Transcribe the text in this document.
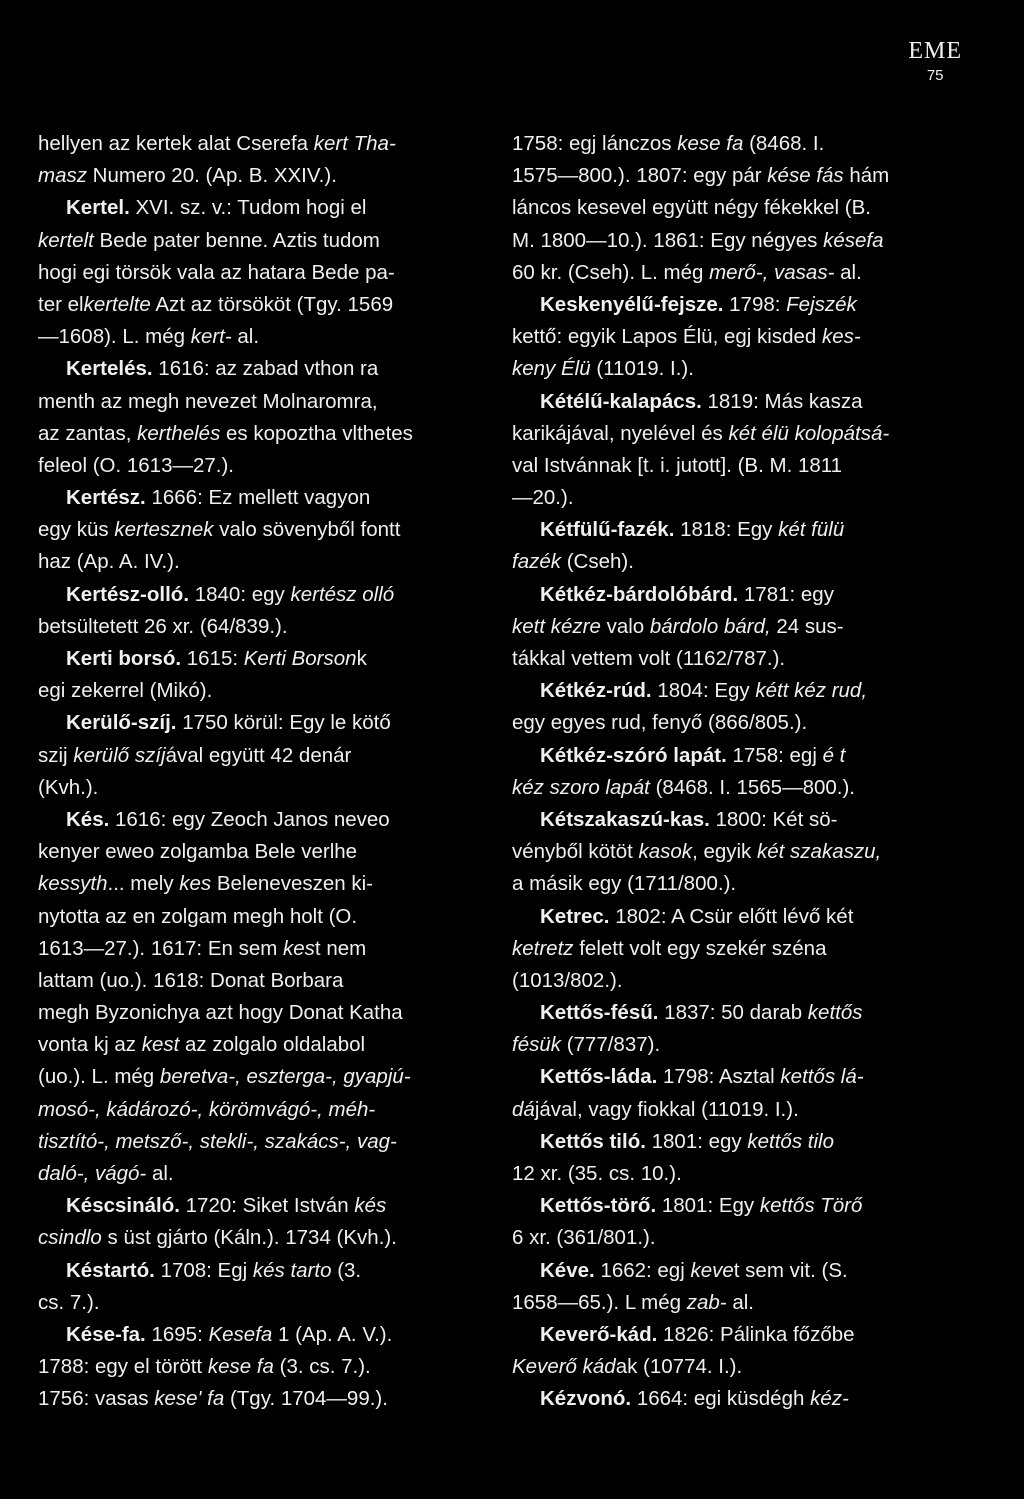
EME
75
hellyen az kertek alat Cserefa kert Tha-
masz Numero 20. (Ap. B. XXIV.).
Kertel. XVI. sz. v.: Tudom hogi el
kertelt Bede pater benne. Aztis tudom
hogi egi törsök vala az hatara Bede pa-
ter elkertelte Azt az törsököt (Tgy. 1569
—1608). L. még kert- al.
Kertelés. 1616: az zabad vthon ra
menth az megh nevezet Molnaromra,
az zantas, kerthelés es kopoztha vlthetes
feleol (O. 1613—27.).
Kertész. 1666: Ez mellett vagyon
egy küs kertesznek valo sövenyből fontt
haz (Ap. A. IV.).
Kertész-olló. 1840: egy kertész olló
betsültetett 26 xr. (64/839.).
Kerti borsó. 1615: Kerti Borsonk
egi zekerrel (Mikó).
Kerülő-szíj. 1750 körül: Egy le kötő
szij kerülő szíjával együtt 42 denár
(Kvh.).
Kés. 1616: egy Zeoch Janos neveo
kenyer eweo zolgamba Bele verlhe
kessyth... mely kes Beleneveszen ki-
nytotta az en zolgam megh holt (O.
1613—27.). 1617: En sem kest nem
lattam (uo.). 1618: Donat Borbara
megh Byzonichya azt hogy Donat Katha
vonta kj az kest az zolgalo oldalabol
(uo.). L. még beretva-, eszterga-, gyapjú-
mosó-, kádározó-, körömvágó-, méh-
tisztító-, metsző-, stekli-, szakács-, vag-
daló-, vágó- al.
Késcsináló. 1720: Siket István kés
csindlo s üst gjárto (Káln.). 1734 (Kvh.).
Késtartó. 1708: Egj kés tarto (3.
cs. 7.).
Kése-fa. 1695: Kesefa 1 (Ap. A. V.).
1788: egy el törött kese fa (3. cs. 7.).
1756: vasas kese' fa (Tgy. 1704—99.).
1758: egj lánczos kese fa (8468. I.
1575—800.). 1807: egy pár kése fás hám
láncos kesevel együtt négy fékekkel (B.
M. 1800—10.). 1861: Egy négyes késefa
60 kr. (Cseh). L. még merő-, vasas- al.
Keskenyélű-fejsze. 1798: Fejszék
kettő: egyik Lapos Élü, egj kisded kes-
keny Élü (11019. I.).
Kétélű-kalapács. 1819: Más kasza
karikájával, nyelével és két élü kolopátsá-
val Istvánnak [t. i. jutott]. (B. M. 1811
—20.).
Kétfülű-fazék. 1818: Egy két fülü
fazék (Cseh).
Kétkéz-bárdolóbárd. 1781: egy
kett kézre valo bárdolo bárd, 24 sus-
tákkal vettem volt (1162/787.).
Kétkéz-rúd. 1804: Egy kétt kéz rud,
egy egyes rud, fenyő (866/805.).
Kétkéz-szóró lapát. 1758: egj é t
kéz szoro lapát (8468. I. 1565—800.).
Kétszakaszú-kas. 1800: Két sö-
vényből kötöt kasok, egyik két szakaszu,
a másik egy (1711/800.).
Ketrec. 1802: A Csür előtt lévő két
ketretz felett volt egy szekér széna
(1013/802.).
Kettős-fésű. 1837: 50 darab kettős
fésük (777/837).
Kettős-láda. 1798: Asztal kettős lá-
dájával, vagy fiokkal (11019. I.).
Kettős tiló. 1801: egy kettős tilo
12 xr. (35. cs. 10.).
Kettős-törő. 1801: Egy kettős Törő
6 xr. (361/801.).
Kéve. 1662: egj kevet sem vit. (S.
1658—65.). L még zab- al.
Keverő-kád. 1826: Pálinka főzőbe
Keverő kádak (10774. I.).
Kézvonó. 1664: egi küsdégh kéz-
